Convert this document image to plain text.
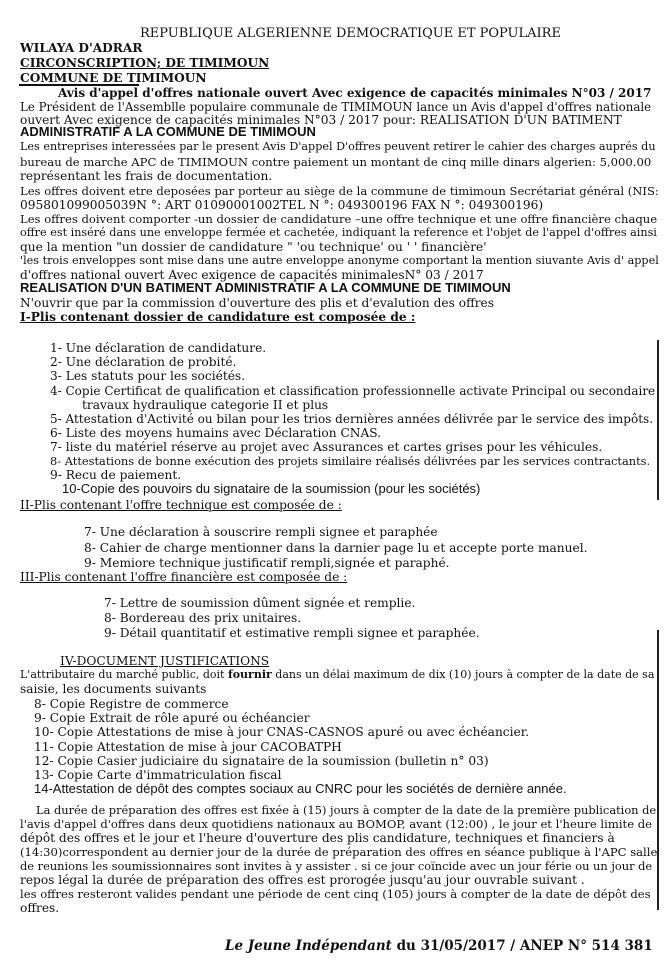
REPUBLIQUE ALGERIENNE DEMOCRATIQUE ET POPULAIRE
WILAYA D'ADRAR
CIRCONSCRIPTION; DE TIMIMOUN
COMMUNE DE TIMIMOUN
Avis d'appel d'offres nationale ouvert Avec exigence de capacités minimales N°03 / 2017
Le Président de l'Assemblle populaire communale de TIMIMOUN lance un Avis d'appel d'offres nationale
ouvert Avec exigence de capacités minimales N°03 / 2017 pour: REALISATION D'UN BATIMENT
ADMINISTRATIF A LA COMMUNE DE TIMIMOUN
Les entreprises interessées par le present Avis D'appel D'offres peuvent retirer le cahier des charges auprés du
bureau de marche APC de TIMIMOUN contre paiement un montant de cinq mille dinars algerien: 5,000.00
représentant les frais de documentation.
Les offres doivent etre deposées par porteur au siège de la commune de timimoun Secrétariat général (NIS:
095801099005039N °: ART 01090001002TEL N °: 049300196 FAX N °: 049300196)
Les offres doivent comporter -un dossier de candidature –une offre technique et une offre financière chaque
offre est inséré dans une enveloppe fermée et cachetée, indiquant la reference et l'objet de l'appel d'offres ainsi
que la mention "un dossier de candidature " 'ou technique' ou ' ' financière'
'les trois enveloppes sont mise dans une autre enveloppe anonyme comportant la mention siuvante Avis d' appel
d'offres national ouvert Avec exigence de capacités minimalesN° 03 / 2017
REALISATION D'UN BATIMENT ADMINISTRATIF A LA COMMUNE DE TIMIMOUN
N'ouvrir que par la commission d'ouverture des plis et d'evalution des offres
I-Plis contenant dossier de candidature est composée de :
1- Une déclaration de candidature.
2- Une déclaration de probité.
3- Les statuts pour les sociétés.
4- Copie Certificat de qualification et classification professionnelle activate Principal ou secondaire
travaux hydraulique categorie II et plus
5- Attestation d'Activité ou bilan pour les trios dernières années délivrée par le service des impôts.
6- Liste des moyens humains avec Déclaration CNAS.
7- liste du matériel réserve au projet avec Assurances et cartes grises pour les véhicules.
8- Attestations de bonne exécution des projets similaire réalisés délivrées par les services contractants.
9- Recu de paiement.
10-Copie des pouvoirs du signataire de la soumission (pour les sociétés)
II-Plis contenant l'offre technique est composée de :
7- Une déclaration à souscrire rempli signee et paraphée
8- Cahier de charge mentionner dans la darnier page lu et accepte porte manuel.
9- Memiore technique justificatif rempli,signée et paraphé.
III-Plis contenant l'offre financière est composée de :
7- Lettre de soumission dûment signée et remplie.
8- Bordereau des prix unitaires.
9- Détail quantitatif et estimative rempli signee et paraphée.
IV-DOCUMENT JUSTIFICATIONS
L'attributaire du marché public, doit fournir dans un délai maximum de dix (10) jours à compter de la date de sa
saisie, les documents suivants
8- Copie Registre de commerce
9- Copie Extrait de rôle apuré ou échéancier
10- Copie Attestations de mise à jour CNAS-CASNOS apuré ou avec échéancier.
11- Copie Attestation de mise à jour CACOBATPH
12- Copie Casier judiciaire du signataire de la soumission (bulletin n° 03)
13- Copie Carte d'immatriculation fiscal
14-Attestation de dépôt des comptes sociaux au CNRC pour les sociétés de dernière année.
La durée de préparation des offres est fixée à (15) jours à compter de la date de la première publication de
l'avis d'appel d'offres dans deux quotidiens nationaux au BOMOP, avant (12:00) , le jour et l'heure limite de
dépôt des offres et le jour et l'heure d'ouverture des plis candidature, techniques et financiers à
(14:30)correspondent au dernier jour de la durée de préparation des offres en séance publique à l'APC salle
de reunions les soumissionnaires sont invites à y assister . si ce jour coïncide avec un jour férie ou un jour de
repos légal la durée de préparation des offres est prorogée jusqu'au jour ouvrable suivant .
les offres resteront valides pendant une période de cent cinq (105) jours à compter de la date de dépôt des
offres.
Le Jeune Indépendant du 31/05/2017 / ANEP N° 514 381
